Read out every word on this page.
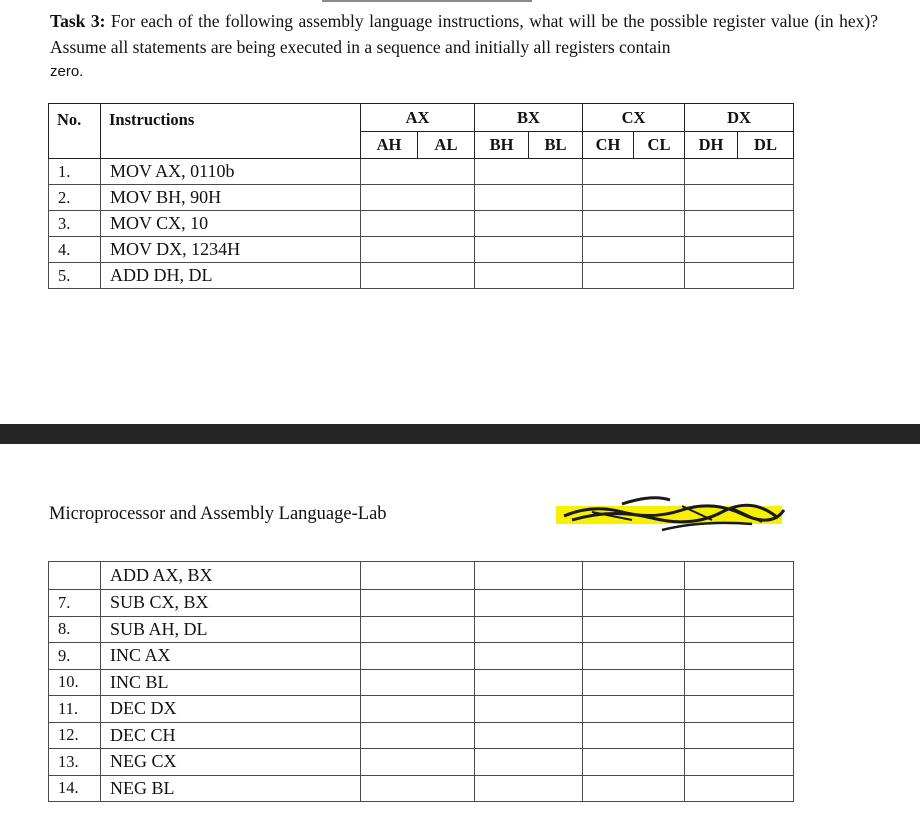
Task 3: For each of the following assembly language instructions, what will be the possible register value (in hex)? Assume all statements are being executed in a sequence and initially all registers contain
zero.
No.	Instructions	AX		BX		CX		DX	
		AH	AL	BH	BL	CH	CL	DH	DL
1.	MOV AX, 0110b								
2.	MOV BH, 90H								
3.	MOV CX, 10								
4.	MOV DX, 1234H								
5.	ADD DH, DL								
Microprocessor and Assembly Language-Lab
	ADD AX, BX				
7.	SUB CX, BX				
8.	SUB AH, DL				
9.	INC AX				
10.	INC BL				
11.	DEC DX				
12.	DEC CH				
13.	NEG CX				
14.	NEG BL				
